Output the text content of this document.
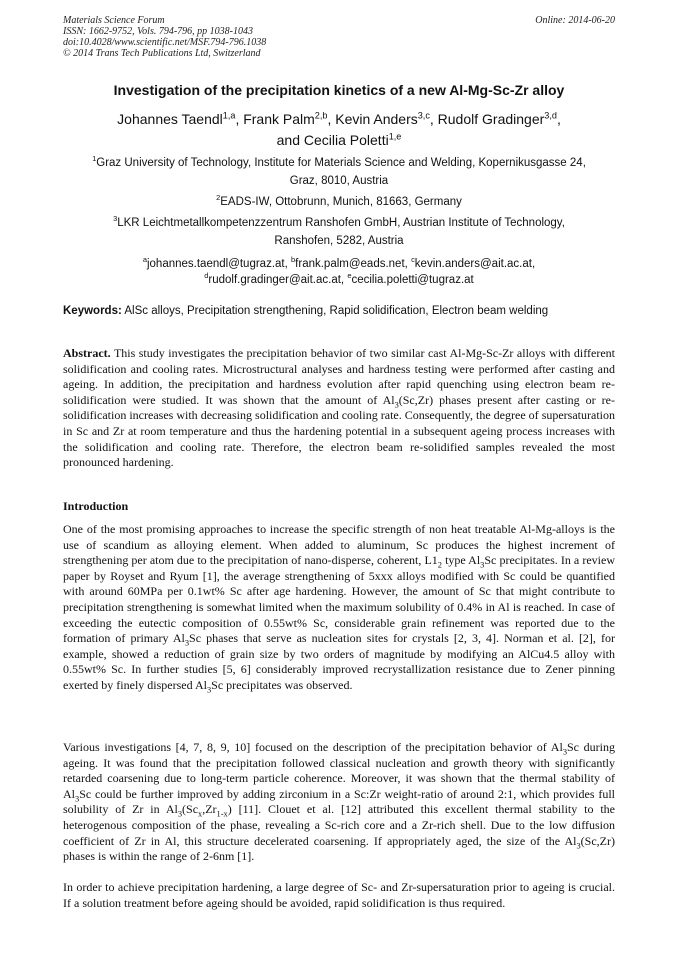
Materials Science Forum
ISSN: 1662-9752, Vols. 794-796, pp 1038-1043
doi:10.4028/www.scientific.net/MSF.794-796.1038
© 2014 Trans Tech Publications Ltd, Switzerland
Online: 2014-06-20
Investigation of the precipitation kinetics of a new Al-Mg-Sc-Zr alloy
Johannes Taendl$^{1,a}$, Frank Palm$^{2,b}$, Kevin Anders$^{3,c}$, Rudolf Gradinger$^{3,d}$,
and Cecilia Poletti$^{1,e}$
$^1$Graz University of Technology, Institute for Materials Science and Welding, Kopernikusgasse 24,
Graz, 8010, Austria
$^2$EADS-IW, Ottobrunn, Munich, 81663, Germany
$^3$LKR Leichtmetallkompetenzzentrum Ranshofen GmbH, Austrian Institute of Technology,
Ranshofen, 5282, Austria
$^a$johannes.taendl@tugraz.at, $^b$frank.palm@eads.net, $^c$kevin.anders@ait.ac.at,
$^d$rudolf.gradinger@ait.ac.at, $^e$cecilia.poletti@tugraz.at
Keywords: AlSc alloys, Precipitation strengthening, Rapid solidification, Electron beam welding
Abstract. This study investigates the precipitation behavior of two similar cast Al-Mg-Sc-Zr alloys with different solidification and cooling rates. Microstructural analyses and hardness testing were performed after casting and ageing. In addition, the precipitation and hardness evolution after rapid quenching using electron beam re-solidification were studied. It was shown that the amount of $Al_3(Sc,Zr)$ phases present after casting or re-solidification increases with decreasing solidification and cooling rate. Consequently, the degree of supersaturation in Sc and Zr at room temperature and thus the hardening potential in a subsequent ageing process increases with the solidification and cooling rate. Therefore, the electron beam re-solidified samples revealed the most pronounced hardening.
Introduction
One of the most promising approaches to increase the specific strength of non heat treatable Al-Mg-alloys is the use of scandium as alloying element. When added to aluminum, Sc produces the highest increment of strengthening per atom due to the precipitation of nano-disperse, coherent, $L1_2$ type $Al_3Sc$ precipitates. In a review paper by Royset and Ryum [1], the average strengthening of 5xxx alloys modified with Sc could be quantified with around 60MPa per 0.1wt% Sc after age hardening. However, the amount of Sc that might contribute to precipitation strengthening is somewhat limited when the maximum solubility of 0.4% in Al is reached. In case of exceeding the eutectic composition of 0.55wt% Sc, considerable grain refinement was reported due to the formation of primary $Al_3Sc$ phases that serve as nucleation sites for crystals [2, 3, 4]. Norman et al. [2], for example, showed a reduction of grain size by two orders of magnitude by modifying an AlCu4.5 alloy with 0.55wt% Sc. In further studies [5, 6] considerably improved recrystallization resistance due to Zener pinning exerted by finely dispersed $Al_3Sc$ precipitates was observed.
Various investigations [4, 7, 8, 9, 10] focused on the description of the precipitation behavior of $Al_3Sc$ during ageing. It was found that the precipitation followed classical nucleation and growth theory with significantly retarded coarsening due to long-term particle coherence. Moreover, it was shown that the thermal stability of $Al_3Sc$ could be further improved by adding zirconium in a Sc:Zr weight-ratio of around 2:1, which provides full solubility of Zr in $Al_3(Sc_x,Zr_{1-x})$ [11]. Clouet et al. [12] attributed this excellent thermal stability to the heterogenous composition of the phase, revealing a Sc-rich core and a Zr-rich shell. Due to the low diffusion coefficient of Zr in Al, this structure decelerated coarsening. If appropriately aged, the size of the $Al_3(Sc,Zr)$ phases is within the range of 2-6nm [1].
In order to achieve precipitation hardening, a large degree of Sc- and Zr-supersaturation prior to ageing is crucial. If a solution treatment before ageing should be avoided, rapid solidification is thus required.
